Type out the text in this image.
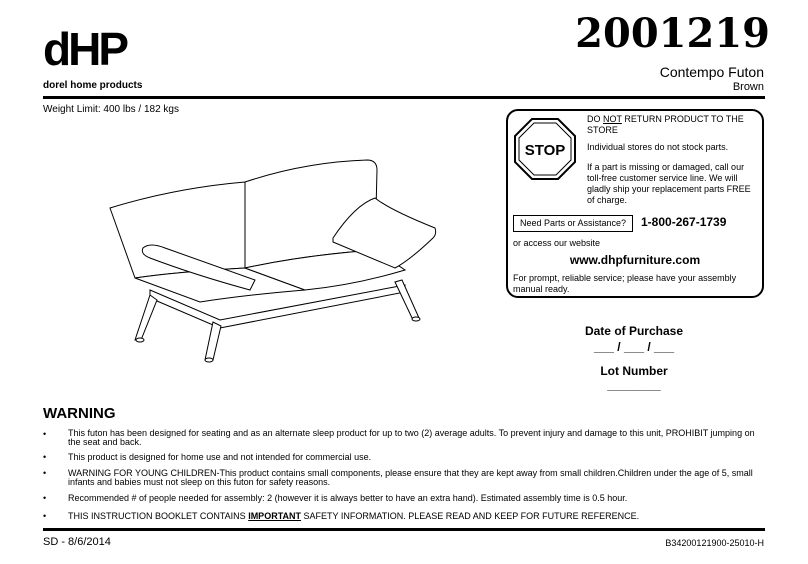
dHP
dorel home products
2001219
Contempo Futon
Brown
Weight Limit: 400 lbs / 182 kgs
STOP
DO NOT RETURN PRODUCT TO THE STORE
Individual stores do not stock parts.
If a part is missing or damaged, call our toll-free customer service line. We will gladly ship your replacement parts FREE of charge.
Need Parts or Assistance?	1-800-267-1739
or access our website
www.dhpfurniture.com
For prompt, reliable service; please have your assembly manual ready.
Date of Purchase
___ / ___ / ___
Lot Number
________
WARNING
• This futon has been designed for seating and as an alternate sleep product for up to two (2) average adults. To prevent injury and damage to this unit, PROHIBIT jumping on the seat and back.
• This product is designed for home use and not intended for commercial use.
• WARNING FOR YOUNG CHILDREN-This product contains small components, please ensure that they are kept away from small children.Children under the age of 5, small infants and babies must not sleep on this futon for safety reasons.
• Recommended # of people needed for assembly: 2 (however it is always better to have an extra hand). Estimated assembly time is 0.5 hour.
• THIS INSTRUCTION BOOKLET CONTAINS IMPORTANT SAFETY INFORMATION. PLEASE READ AND KEEP FOR FUTURE REFERENCE.
SD - 8/6/2014	B34200121900-25010-H
